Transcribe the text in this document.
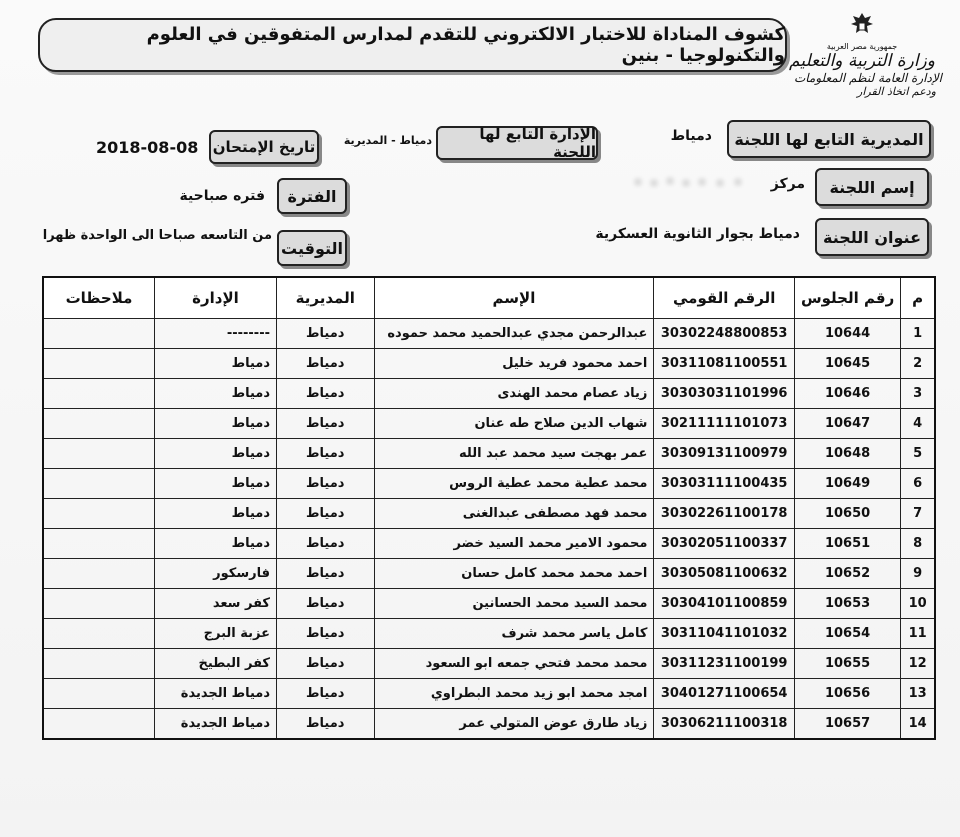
جمهورية مصر العربية
وزارة التربية والتعليم
الإدارة العامة لنظم المعلومات
ودعم اتخاذ القرار
كشوف المناداة للاختبار الالكتروني للتقدم لمدارس المتفوقين في العلوم والتكنولوجيا - بنين
المديرية التابع لها اللجنة
دمياط
الإدارة التابع لها اللجنة
دمياط - المديرية
تاريخ الإمتحان
2018-08-08
إسم اللجنة
مركز
الفترة
فتره صباحية
عنوان اللجنة
دمياط بجوار الثانوية العسكرية
التوقيت
من التاسعه صباحا الى الواحدة ظهرا
م	رقم الجلوس	الرقم القومي	الإسم	المديرية	الإدارة	ملاحظات
1	10644	30302248800853	عبدالرحمن مجدي عبدالحميد محمد حموده	دمياط	--------	
2	10645	30311081100551	احمد محمود فريد خليل	دمياط	دمياط	
3	10646	30303031101996	زياد عصام محمد الهندى	دمياط	دمياط	
4	10647	30211111101073	شهاب الدين صلاح طه عنان	دمياط	دمياط	
5	10648	30309131100979	عمر بهجت سيد محمد عبد الله	دمياط	دمياط	
6	10649	30303111100435	محمد عطية محمد عطية الروس	دمياط	دمياط	
7	10650	30302261100178	محمد فهد مصطفى عبدالغنى	دمياط	دمياط	
8	10651	30302051100337	محمود الامير محمد السيد خضر	دمياط	دمياط	
9	10652	30305081100632	احمد محمد محمد كامل حسان	دمياط	فارسكور	
10	10653	30304101100859	محمد السيد محمد الحسانين	دمياط	كفر سعد	
11	10654	30311041101032	كامل ياسر محمد شرف	دمياط	عزبة البرج	
12	10655	30311231100199	محمد محمد فتحي جمعه ابو السعود	دمياط	كفر البطيخ	
13	10656	30401271100654	امجد محمد ابو زيد محمد البطراوي	دمياط	دمياط الجديدة	
14	10657	30306211100318	زياد طارق عوض المتولي عمر	دمياط	دمياط الجديدة	
